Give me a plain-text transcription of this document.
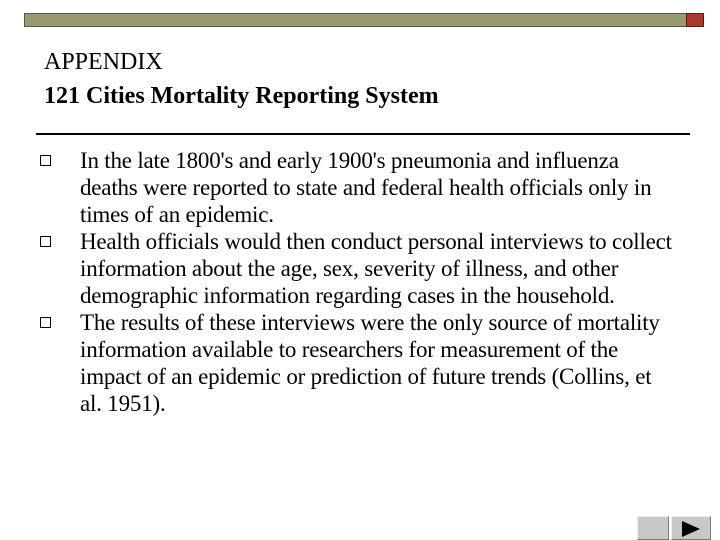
APPENDIX
121 Cities Mortality Reporting System
In the late 1800's and early 1900's pneumonia and influenza deaths were reported to state and federal health officials only in times of an epidemic.
Health officials would then conduct personal interviews to collect information about the age, sex, severity of illness, and other demographic information regarding cases in the household.
The results of these interviews were the only source of mortality information available to researchers for measurement of the impact of an epidemic or prediction of future trends (Collins, et al. 1951).
